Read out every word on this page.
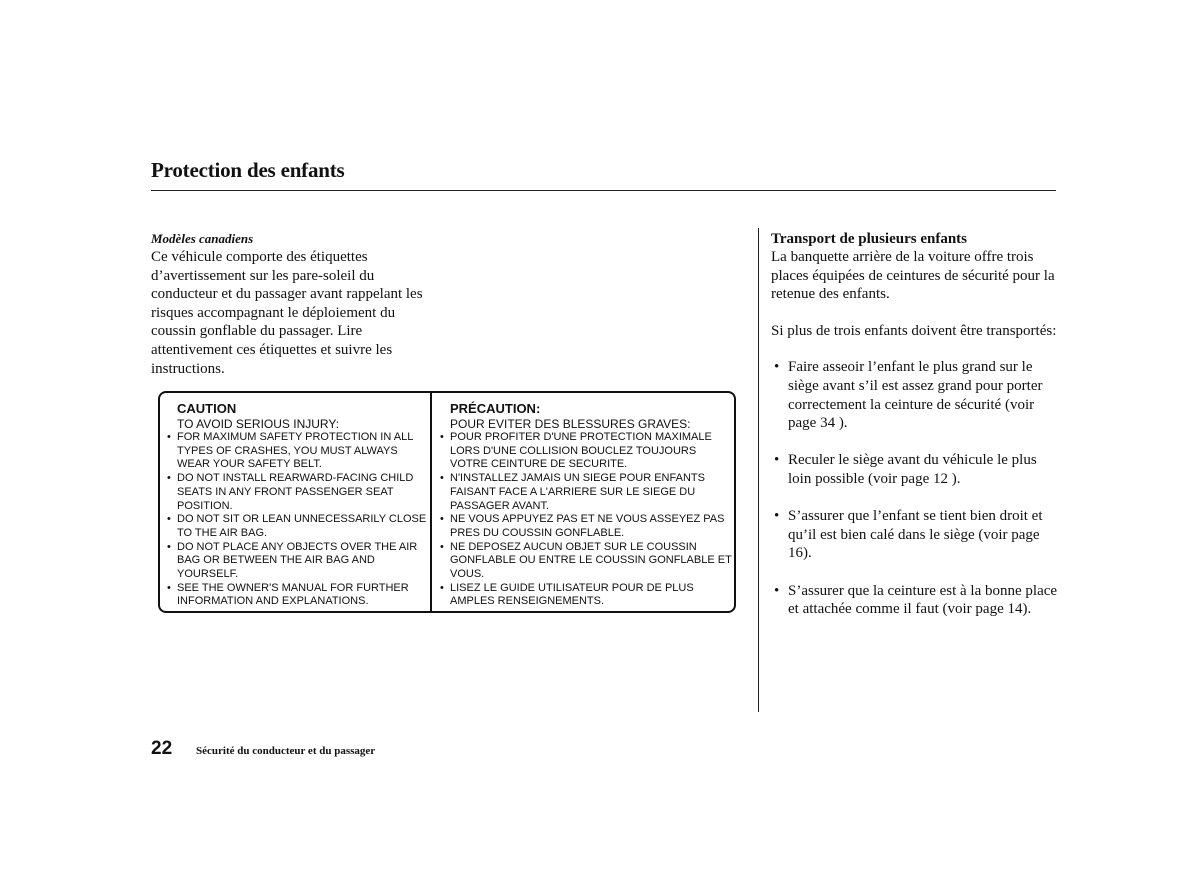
Protection des enfants
Modèles canadiens

Ce véhicule comporte des étiquettes d’avertissement sur les pare-soleil du conducteur et du passager avant rappelant les risques accompagnant le déploiement du coussin gonflable du passager. Lire attentivement ces étiquettes et suivre les instructions.

CAUTION
TO AVOID SERIOUS INJURY:
• FOR MAXIMUM SAFETY PROTECTION IN ALL TYPES OF CRASHES, YOU MUST ALWAYS WEAR YOUR SAFETY BELT.
• DO NOT INSTALL REARWARD-FACING CHILD SEATS IN ANY FRONT PASSENGER SEAT POSITION.
• DO NOT SIT OR LEAN UNNECESSARILY CLOSE TO THE AIR BAG.
• DO NOT PLACE ANY OBJECTS OVER THE AIR BAG OR BETWEEN THE AIR BAG AND YOURSELF.
• SEE THE OWNER'S MANUAL FOR FURTHER INFORMATION AND EXPLANATIONS.
PRÉCAUTION:
POUR EVITER DES BLESSURES GRAVES:
• POUR PROFITER D'UNE PROTECTION MAXIMALE LORS D'UNE COLLISION BOUCLEZ TOUJOURS VOTRE CEINTURE DE SECURITE.
• N'INSTALLEZ JAMAIS UN SIEGE POUR ENFANTS FAISANT FACE A L'ARRIERE SUR LE SIEGE DU PASSAGER AVANT.
• NE VOUS APPUYEZ PAS ET NE VOUS ASSEYEZ PAS PRES DU COUSSIN GONFLABLE.
• NE DEPOSEZ AUCUN OBJET SUR LE COUSSIN GONFLABLE OU ENTRE LE COUSSIN GONFLABLE ET VOUS.
• LISEZ LE GUIDE UTILISATEUR POUR DE PLUS AMPLES RENSEIGNEMENTS.
Transport de plusieurs enfants

La banquette arrière de la voiture offre trois places équipées de ceintures de sécurité pour la retenue des enfants.

Si plus de trois enfants doivent être transportés:

• Faire asseoir l’enfant le plus grand sur le siège avant s’il est assez grand pour porter correctement la ceinture de sécurité (voir page 34 ).
• Reculer le siège avant du véhicule le plus loin possible (voir page 12 ).
• S’assurer que l’enfant se tient bien droit et qu’il est bien calé dans le siège (voir page 16).
• S’assurer que la ceinture est à la bonne place et attachée comme il faut (voir page 14).
22 Sécurité du conducteur et du passager
